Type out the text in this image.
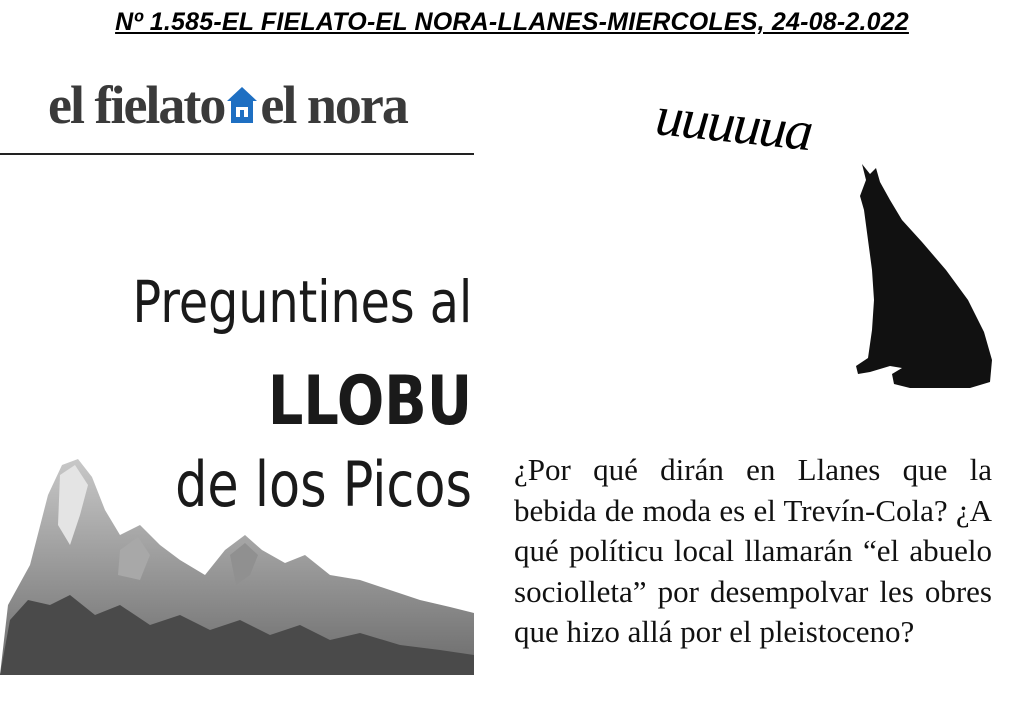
Nº 1.585-EL FIELATO-EL NORA-LLANES-MIERCOLES, 24-08-2.022
el fielato el nora
Preguntines al
LLOBU
de los Picos
uuuuua
¿Por qué dirán en Llanes que la bebida de moda es el Trevín-Cola? ¿A qué políticu local llamarán “el abuelo sociolleta” por desempolvar les obres que hizo allá por el pleistoceno?
